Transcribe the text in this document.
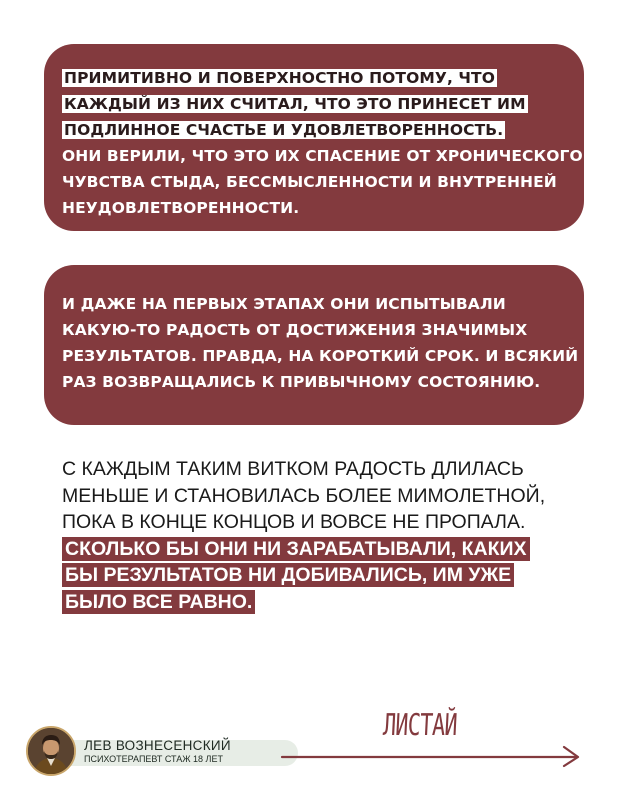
ПРИМИТИВНО И ПОВЕРХНОСТНО ПОТОМУ, ЧТО
КАЖДЫЙ ИЗ НИХ СЧИТАЛ, ЧТО ЭТО ПРИНЕСЕТ ИМ
ПОДЛИННОЕ СЧАСТЬЕ И УДОВЛЕТВОРЕННОСТЬ.
ОНИ ВЕРИЛИ, ЧТО ЭТО ИХ СПАСЕНИЕ ОТ ХРОНИЧЕСКОГО
ЧУВСТВА СТЫДА, БЕССМЫСЛЕННОСТИ И ВНУТРЕННЕЙ
НЕУДОВЛЕТВОРЕННОСТИ.
И ДАЖЕ НА ПЕРВЫХ ЭТАПАХ ОНИ ИСПЫТЫВАЛИ
КАКУЮ-ТО РАДОСТЬ ОТ ДОСТИЖЕНИЯ ЗНАЧИМЫХ
РЕЗУЛЬТАТОВ. ПРАВДА, НА КОРОТКИЙ СРОК. И ВСЯКИЙ
РАЗ ВОЗВРАЩАЛИСЬ К ПРИВЫЧНОМУ СОСТОЯНИЮ.
С КАЖДЫМ ТАКИМ ВИТКОМ РАДОСТЬ ДЛИЛАСЬ
МЕНЬШЕ И СТАНОВИЛАСЬ БОЛЕЕ МИМОЛЕТНОЙ,
ПОКА В КОНЦЕ КОНЦОВ И ВОВСЕ НЕ ПРОПАЛА.
СКОЛЬКО БЫ ОНИ НИ ЗАРАБАТЫВАЛИ, КАКИХ
БЫ РЕЗУЛЬТАТОВ НИ ДОБИВАЛИСЬ, ИМ УЖЕ
БЫЛО ВСЕ РАВНО.
ЛЕВ ВОЗНЕСЕНСКИЙ
ПСИХОТЕРАПЕВТ СТАЖ 18 ЛЕТ
ЛИСТАЙ
